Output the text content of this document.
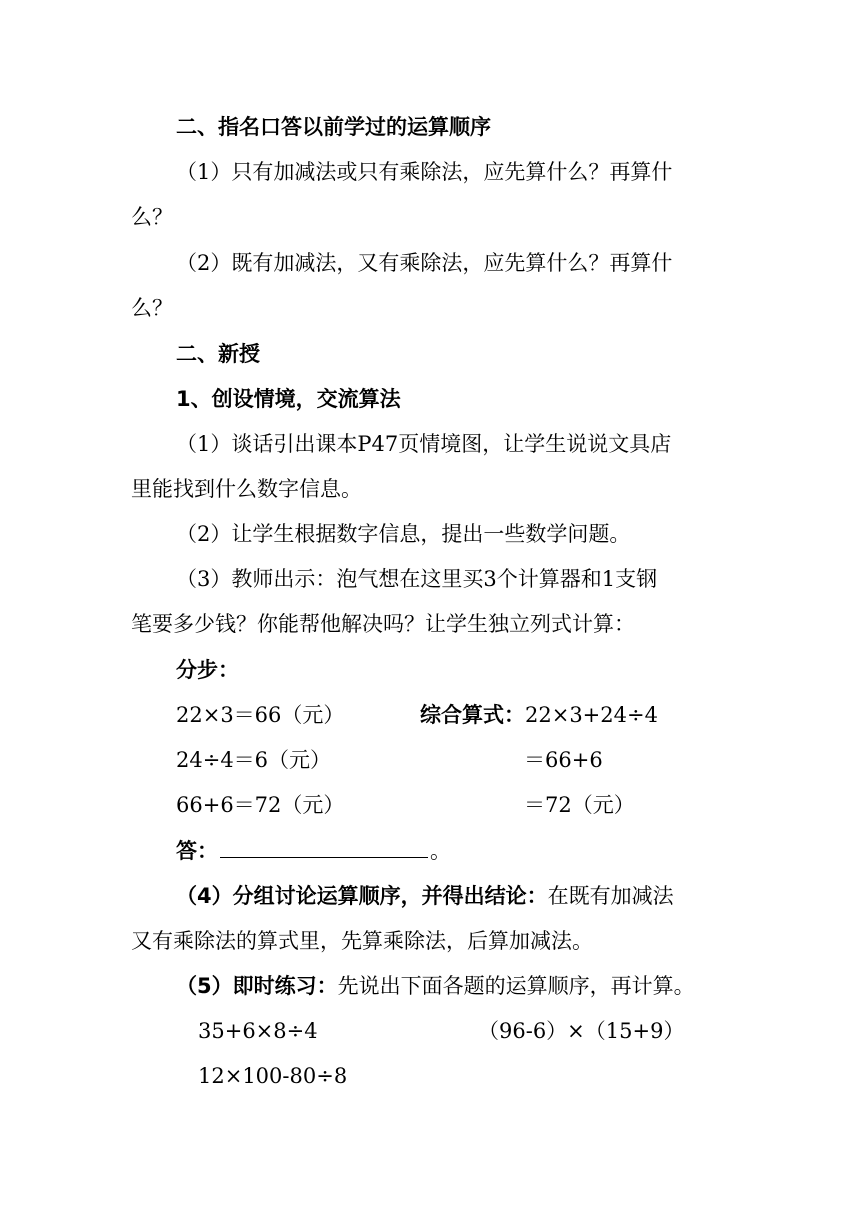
二、指名口答以前学过的运算顺序
（1）只有加减法或只有乘除法，应先算什么？再算什
么？
（2）既有加减法，又有乘除法，应先算什么？再算什
么？
二、新授
1、创设情境，交流算法
（1）谈话引出课本P47页情境图，让学生说说文具店
里能找到什么数字信息。
（2）让学生根据数字信息，提出一些数学问题。
（3）教师出示：泡气想在这里买3个计算器和1支钢
笔要多少钱？你能帮他解决吗？让学生独立列式计算：
分步：
22×3＝66（元）	综合算式：22×3+24÷4
24÷4＝6（元）	＝66+6
66+6＝72（元）	＝72（元）
答：	。
（4）分组讨论运算顺序，并得出结论：在既有加减法
又有乘除法的算式里，先算乘除法，后算加减法。
（5）即时练习：先说出下面各题的运算顺序，再计算。
35+6×8÷4	（96-6）×（15+9）
12×100-80÷8
